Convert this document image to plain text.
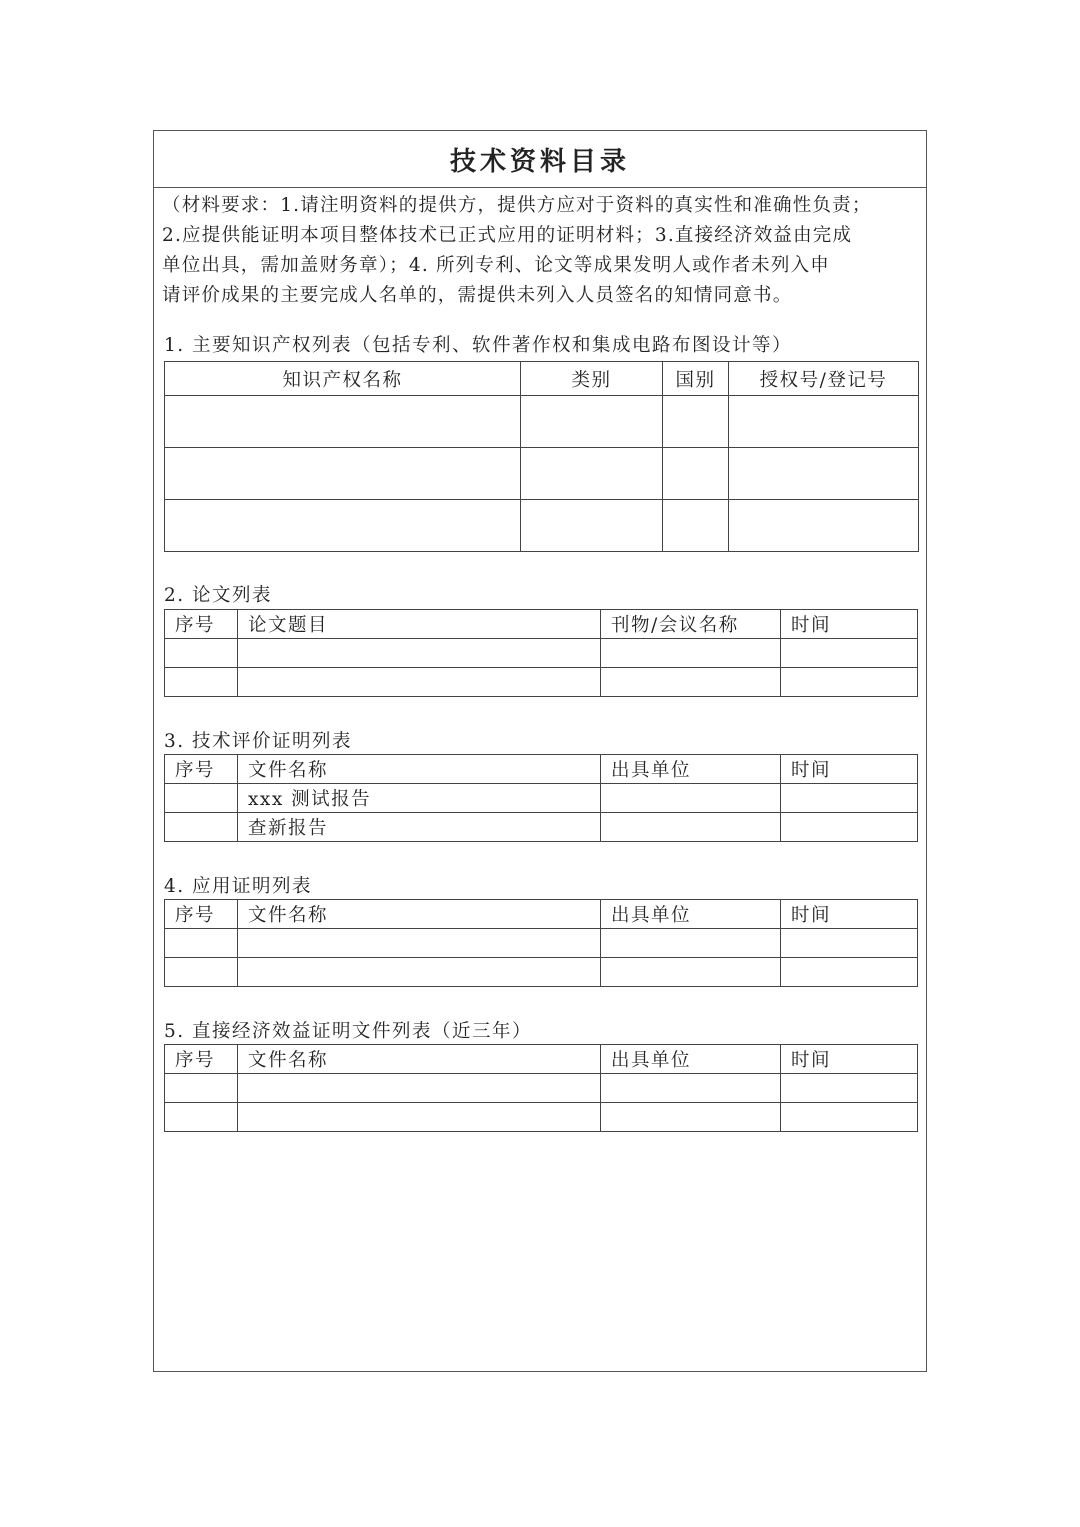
技术资料目录
（材料要求：1.请注明资料的提供方，提供方应对于资料的真实性和准确性负责；
2.应提供能证明本项目整体技术已正式应用的证明材料；3.直接经济效益由完成
单位出具，需加盖财务章）；4. 所列专利、论文等成果发明人或作者未列入申
请评价成果的主要完成人名单的，需提供未列入人员签名的知情同意书。
1. 主要知识产权列表（包括专利、软件著作权和集成电路布图设计等）
知识产权名称	类别	国别	授权号/登记号

2. 论文列表
序号	论文题目	刊物/会议名称	时间

3. 技术评价证明列表
序号	文件名称	出具单位	时间
	xxx 测试报告		
	查新报告		
4. 应用证明列表
序号	文件名称	出具单位	时间

5. 直接经济效益证明文件列表（近三年）
序号	文件名称	出具单位	时间
